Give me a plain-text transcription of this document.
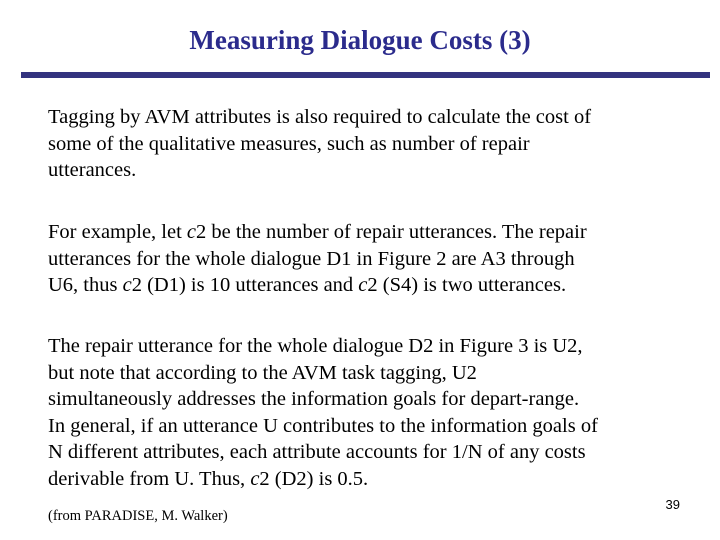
Measuring Dialogue Costs (3)
Tagging by AVM attributes is also required to calculate the cost of
some of the qualitative measures, such as number of repair
utterances.
For example, let c2 be the number of repair utterances. The repair
utterances for the whole dialogue D1 in Figure 2 are A3 through
U6, thus c2 (D1) is 10 utterances and c2 (S4) is two utterances.
The repair utterance for the whole dialogue D2 in Figure 3 is U2,
but note that according to the AVM task tagging, U2
simultaneously addresses the information goals for depart-range.
In general, if an utterance U contributes to the information goals of
N different attributes, each attribute accounts for 1/N of any costs
derivable from U. Thus, c2 (D2) is 0.5.
(from PARADISE, M. Walker)
39
